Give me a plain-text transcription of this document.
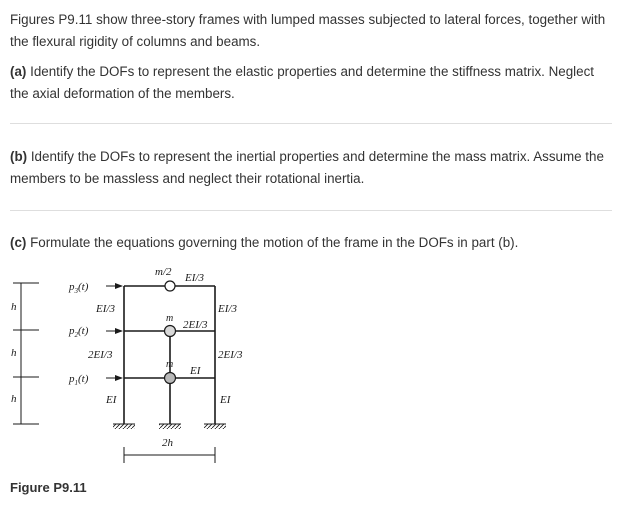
Figures P9.11 show three-story frames with lumped masses subjected to lateral forces, together with the flexural rigidity of columns and beams.

(a) Identify the DOFs to represent the elastic properties and determine the stiffness matrix. Neglect the axial deformation of the members.

(b) Identify the DOFs to represent the inertial properties and determine the mass matrix. Assume the members to be massless and neglect their rotational inertia.

(c) Formulate the equations governing the motion of the frame in the DOFs in part (b).

h
h
h
$p_3(t)$
$p_2(t)$
$p_1(t)$
m/2
m
m
EI/3
2EI/3
EI
EI/3
2EI/3
EI
EI/3
2EI/3
EI
2h
Figure P9.11
